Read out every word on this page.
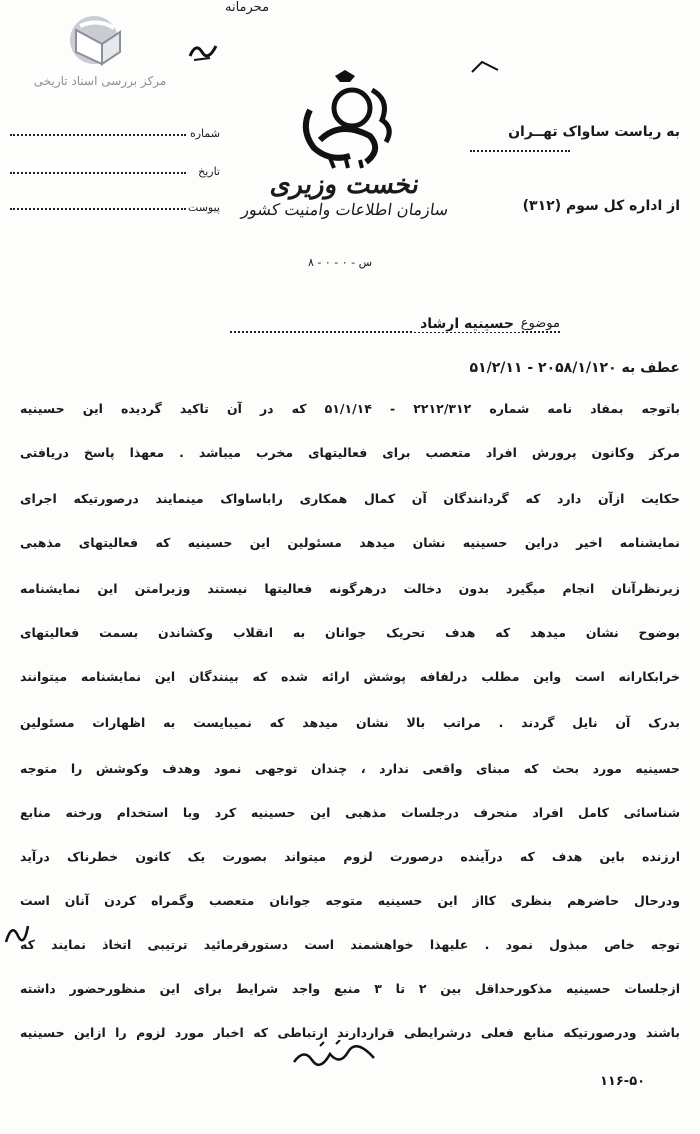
محرمانه
مرکز بررسی اسناد تاریخی
شماره
تاریخ
پیوست
نخست وزیری
سازمان اطلاعات وامنیت کشور
س - ۰ - ۰ - ۸
به ریاست ساواک تهــران
از اداره کل سوم (۳۱۲)
موضوع
حسینیه ارشاد
عطف به ۲۰۵۸/۱/۱۲۰ - ۵۱/۲/۱۱
باتوجه بمفاد نامه شماره ۲۲۱۲/۳۱۲ - ۵۱/۱/۱۴ که در آن تاکید گردیده این حسینیه
مرکز وکانون پرورش افراد متعصب برای فعالیتهای مخرب میباشد . معهذا پاسخ دریافتی
حکایت ازآن دارد که گردانندگان آن کمال همکاری راباساواک مینمایند درصورتیکه اجرای
نمایشنامه اخیر دراین حسینیه نشان میدهد مسئولین این حسینیه که فعالیتهای مذهبی
زیرنظرآنان انجام میگیرد بدون دخالت درهرگونه فعالیتها نیستند وزیرامتن این نمایشنامه
بوضوح نشان میدهد که هدف تحریک جوانان به انقلاب وکشاندن بسمت فعالیتهای
خرابکارانه است واین مطلب درلفافه پوشش ارائه شده که بینندگان این نمایشنامه میتوانند
بدرک آن نایل گردند . مراتب بالا نشان میدهد که نمیبایست به اظهارات مسئولین
حسینیه مورد بحث که مبنای واقعی ندارد ، چندان توجهی نمود وهدف وکوشش را متوجه
شناسائی کامل افراد منحرف درجلسات مذهبی این حسینیه کرد وبا استخدام ورخنه منابع
ارزنده باین هدف که درآینده درصورت لزوم میتواند بصورت یک کانون خطرناک درآید
ودرحال حاضرهم بنظری کااز این حسینیه متوجه جوانان متعصب وگمراه کردن آنان است
توجه خاص مبذول نمود . علیهذا خواهشمند است دستورفرمائید ترتیبی اتخاذ نمایند که
ازجلسات حسینیه مذکورحداقل بین ۲ تا ۳ منبع واجد شرایط برای این منظورحضور داشته
باشند ودرصورتیکه منابع فعلی درشرایطی قراردارند ارتباطی که اخبار مورد لزوم را ازاین حسینیه
۱۱۶-۵۰
